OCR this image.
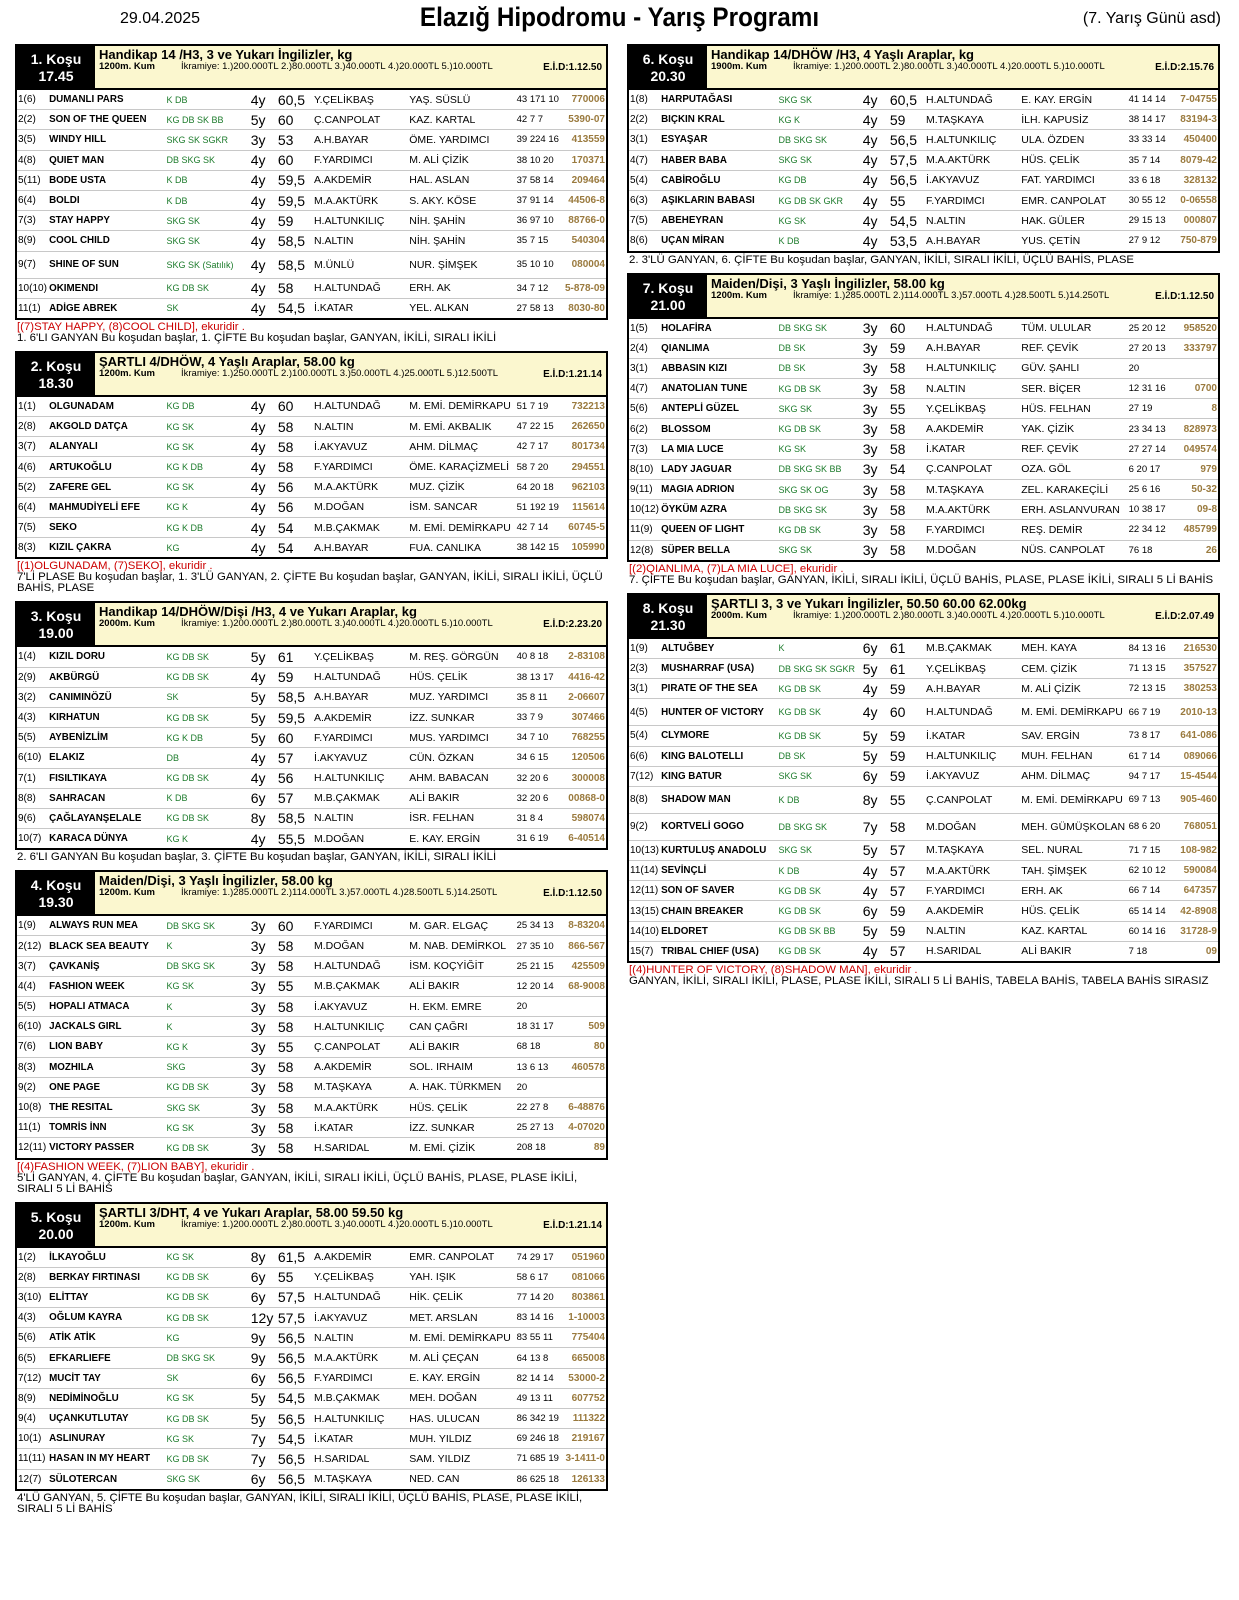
29.04.2025	Elazığ Hipodromu - Yarış Programı	(7. Yarış Günü asd)
1. Koşu
17.45
Handikap 14 /H3, 3 ve Yukarı İngilizler, kg
1200m. Kum	İkramiye: 1.)200.000TL 2.)80.000TL 3.)40.000TL 4.)20.000TL 5.)10.000TL	E.İ.D:1.12.50
1(6)	DUMANLI PARS	K DB	4y	60,5	Y.ÇELİKBAŞ	YAŞ. SÜSLÜ	43 171 10	770006
2(2)	SON OF THE QUEEN	KG DB SK BB	5y	60	Ç.CANPOLAT	KAZ. KARTAL	42 7 7	5390-07
3(5)	WINDY HILL	SKG SK SGKR	3y	53	A.H.BAYAR	ÖME. YARDIMCI	39 224 16	413559
4(8)	QUIET MAN	DB SKG SK	4y	60	F.YARDIMCI	M. ALİ ÇİZİK	38 10 20	170371
5(11)	BODE USTA	K DB	4y	59,5	A.AKDEMİR	HAL. ASLAN	37 58 14	209464
6(4)	BOLDI	K DB	4y	59,5	M.A.AKTÜRK	S. AKY. KÖSE	37 91 14	44506-8
7(3)	STAY HAPPY	SKG SK	4y	59	H.ALTUNKILIÇ	NİH. ŞAHİN	36 97 10	88766-0
8(9)	COOL CHILD	SKG SK	4y	58,5	N.ALTIN	NİH. ŞAHİN	35 7 15	540304
9(7)	SHINE OF SUN	SKG SK (Satılık)	4y	58,5	M.ÜNLÜ	NUR. ŞİMŞEK	35 10 10	080004
10(10)	OKIMENDI	KG DB SK	4y	58	H.ALTUNDAĞ	ERH. AK	34 7 12	5-878-09
11(1)	ADİGE ABREK	SK	4y	54,5	İ.KATAR	YEL. ALKAN	27 58 13	8030-80
[(7)STAY HAPPY, (8)COOL CHILD], ekuridir .
1. 6'LI GANYAN Bu koşudan başlar, 1. ÇİFTE Bu koşudan başlar, GANYAN, İKİLİ, SIRALI İKİLİ
2. Koşu
18.30
ŞARTLI 4/DHÖW, 4 Yaşlı Araplar, 58.00 kg
1200m. Kum	İkramiye: 1.)250.000TL 2.)100.000TL 3.)50.000TL 4.)25.000TL 5.)12.500TL	E.İ.D:1.21.14
1(1)	OLGUNADAM	KG DB	4y	60	H.ALTUNDAĞ	M. EMİ. DEMİRKAPU	51 7 19	732213
2(8)	AKGOLD DATÇA	KG SK	4y	58	N.ALTIN	M. EMİ. AKBALIK	47 22 15	262650
3(7)	ALANYALI	KG SK	4y	58	İ.AKYAVUZ	AHM. DİLMAÇ	42 7 17	801734
4(6)	ARTUKOĞLU	KG K DB	4y	58	F.YARDIMCI	ÖME. KARAÇİZMELİ	58 7 20	294551
5(2)	ZAFERE GEL	KG SK	4y	56	M.A.AKTÜRK	MUZ. ÇİZİK	64 20 18	962103
6(4)	MAHMUDİYELİ EFE	KG K	4y	56	M.DOĞAN	İSM. SANCAR	51 192 19	115614
7(5)	SEKO	KG K DB	4y	54	M.B.ÇAKMAK	M. EMİ. DEMİRKAPU	42 7 14	60745-5
8(3)	KIZIL ÇAKRA	KG	4y	54	A.H.BAYAR	FUA. CANLIKA	38 142 15	105990
[(1)OLGUNADAM, (7)SEKO], ekuridir .
7'Lİ PLASE Bu koşudan başlar, 1. 3'LÜ GANYAN, 2. ÇİFTE Bu koşudan başlar, GANYAN, İKİLİ, SIRALI İKİLİ, ÜÇLÜ BAHİS, PLASE
3. Koşu
19.00
Handikap 14/DHÖW/Dişi /H3, 4 ve Yukarı Araplar, kg
2000m. Kum	İkramiye: 1.)200.000TL 2.)80.000TL 3.)40.000TL 4.)20.000TL 5.)10.000TL	E.İ.D:2.23.20
1(4)	KIZIL DORU	KG DB SK	5y	61	Y.ÇELİKBAŞ	M. REŞ. GÖRGÜN	40 8 18	2-83108
2(9)	AKBÜRGÜ	KG DB SK	4y	59	H.ALTUNDAĞ	HÜS. ÇELİK	38 13 17	4416-42
3(2)	CANIMINÖZÜ	SK	5y	58,5	A.H.BAYAR	MUZ. YARDIMCI	35 8 11	2-06607
4(3)	KIRHATUN	KG DB SK	5y	59,5	A.AKDEMİR	İZZ. SUNKAR	33 7 9	307466
5(5)	AYBENİZLİM	KG K DB	5y	60	F.YARDIMCI	MUS. YARDIMCI	34 7 10	768255
6(10)	ELAKIZ	DB	4y	57	İ.AKYAVUZ	CÜN. ÖZKAN	34 6 15	120506
7(1)	FISILTIKAYA	KG DB SK	4y	56	H.ALTUNKILIÇ	AHM. BABACAN	32 20 6	300008
8(8)	SAHRACAN	K DB	6y	57	M.B.ÇAKMAK	ALİ BAKIR	32 20 6	00868-0
9(6)	ÇAĞLAYANŞELALE	KG DB SK	8y	58,5	N.ALTIN	İSR. FELHAN	31 8 4	598074
10(7)	KARACA DÜNYA	KG K	4y	55,5	M.DOĞAN	E. KAY. ERGİN	31 6 19	6-40514
2. 6'LI GANYAN Bu koşudan başlar, 3. ÇİFTE Bu koşudan başlar, GANYAN, İKİLİ, SIRALI İKİLİ
4. Koşu
19.30
Maiden/Dişi, 3 Yaşlı İngilizler, 58.00 kg
1200m. Kum	İkramiye: 1.)285.000TL 2.)114.000TL 3.)57.000TL 4.)28.500TL 5.)14.250TL	E.İ.D:1.12.50
1(9)	ALWAYS RUN MEA	DB SKG SK	3y	60	F.YARDIMCI	M. GAR. ELGAÇ	25 34 13	8-83204
2(12)	BLACK SEA BEAUTY	K	3y	58	M.DOĞAN	M. NAB. DEMİRKOL	27 35 10	866-567
3(7)	ÇAVKANİŞ	DB SKG SK	3y	58	H.ALTUNDAĞ	İSM. KOÇYİĞİT	25 21 15	425509
4(4)	FASHION WEEK	KG SK	3y	55	M.B.ÇAKMAK	ALİ BAKIR	12 20 14	68-9008
5(5)	HOPALI ATMACA	K	3y	58	İ.AKYAVUZ	H. EKM. EMRE	20	
6(10)	JACKALS GIRL	K	3y	58	H.ALTUNKILIÇ	CAN ÇAĞRI	18 31 17	509
7(6)	LION BABY	KG K	3y	55	Ç.CANPOLAT	ALİ BAKIR	68 18	80
8(3)	MOZHILA	SKG	3y	58	A.AKDEMİR	SOL. IRHAIM	13 6 13	460578
9(2)	ONE PAGE	KG DB SK	3y	58	M.TAŞKAYA	A. HAK. TÜRKMEN	20	
10(8)	THE RESITAL	SKG SK	3y	58	M.A.AKTÜRK	HÜS. ÇELİK	22 27 8	6-48876
11(1)	TOMRİS İNN	KG SK	3y	58	İ.KATAR	İZZ. SUNKAR	25 27 13	4-07020
12(11)	VICTORY PASSER	KG DB SK	3y	58	H.SARIDAL	M. EMİ. ÇİZİK	208 18	89
[(4)FASHION WEEK, (7)LION BABY], ekuridir .
5'Lİ GANYAN, 4. ÇİFTE Bu koşudan başlar, GANYAN, İKİLİ, SIRALI İKİLİ, ÜÇLÜ BAHİS, PLASE, PLASE İKİLİ, SIRALI 5 Lİ BAHİS
5. Koşu
20.00
ŞARTLI 3/DHT, 4 ve Yukarı Araplar, 58.00 59.50 kg
1200m. Kum	İkramiye: 1.)200.000TL 2.)80.000TL 3.)40.000TL 4.)20.000TL 5.)10.000TL	E.İ.D:1.21.14
1(2)	İLKAYOĞLU	KG SK	8y	61,5	A.AKDEMİR	EMR. CANPOLAT	74 29 17	051960
2(8)	BERKAY FIRTINASI	KG DB SK	6y	55	Y.ÇELİKBAŞ	YAH. IŞIK	58 6 17	081066
3(10)	ELİTTAY	KG DB SK	6y	57,5	H.ALTUNDAĞ	HİK. ÇELİK	77 14 20	803861
4(3)	OĞLUM KAYRA	KG DB SK	12y	57,5	İ.AKYAVUZ	MET. ARSLAN	83 14 16	1-10003
5(6)	ATİK ATİK	KG	9y	56,5	N.ALTIN	M. EMİ. DEMİRKAPU	83 55 11	775404
6(5)	EFKARLIEFE	DB SKG SK	9y	56,5	M.A.AKTÜRK	M. ALİ ÇEÇAN	64 13 8	665008
7(12)	MUCİT TAY	SK	6y	56,5	F.YARDIMCI	E. KAY. ERGİN	82 14 14	53000-2
8(9)	NEDİMİNOĞLU	KG SK	5y	54,5	M.B.ÇAKMAK	MEH. DOĞAN	49 13 11	607752
9(4)	UÇANKUTLUTAY	KG DB SK	5y	56,5	H.ALTUNKILIÇ	HAS. ULUCAN	86 342 19	111322
10(1)	ASLINURAY	KG SK	7y	54,5	İ.KATAR	MUH. YILDIZ	69 246 18	219167
11(11)	HASAN IN MY HEART	KG DB SK	7y	56,5	H.SARIDAL	SAM. YILDIZ	71 685 19	3-1411-0
12(7)	SÜLOTERCAN	SKG SK	6y	56,5	M.TAŞKAYA	NED. CAN	86 625 18	126133
4'LÜ GANYAN, 5. ÇİFTE Bu koşudan başlar, GANYAN, İKİLİ, SIRALI İKİLİ, ÜÇLÜ BAHİS, PLASE, PLASE İKİLİ, SIRALI 5 Lİ BAHİS
6. Koşu
20.30
Handikap 14/DHÖW /H3, 4 Yaşlı Araplar, kg
1900m. Kum	İkramiye: 1.)200.000TL 2.)80.000TL 3.)40.000TL 4.)20.000TL 5.)10.000TL	E.İ.D:2.15.76
1(8)	HARPUTAĞASI	SKG SK	4y	60,5	H.ALTUNDAĞ	E. KAY. ERGİN	41 14 14	7-04755
2(2)	BIÇKIN KRAL	KG K	4y	59	M.TAŞKAYA	İLH. KAPUSİZ	38 14 17	83194-3
3(1)	ESYAŞAR	DB SKG SK	4y	56,5	H.ALTUNKILIÇ	ULA. ÖZDEN	33 33 14	450400
4(7)	HABER BABA	SKG SK	4y	57,5	M.A.AKTÜRK	HÜS. ÇELİK	35 7 14	8079-42
5(4)	CABİROĞLU	KG DB	4y	56,5	İ.AKYAVUZ	FAT. YARDIMCI	33 6 18	328132
6(3)	AŞIKLARIN BABASI	KG DB SK GKR	4y	55	F.YARDIMCI	EMR. CANPOLAT	30 55 12	0-06558
7(5)	ABEHEYRAN	KG SK	4y	54,5	N.ALTIN	HAK. GÜLER	29 15 13	000807
8(6)	UÇAN MİRAN	K DB	4y	53,5	A.H.BAYAR	YUS. ÇETİN	27 9 12	750-879
2. 3'LÜ GANYAN, 6. ÇİFTE Bu koşudan başlar, GANYAN, İKİLİ, SIRALI İKİLİ, ÜÇLÜ BAHİS, PLASE
7. Koşu
21.00
Maiden/Dişi, 3 Yaşlı İngilizler, 58.00 kg
1200m. Kum	İkramiye: 1.)285.000TL 2.)114.000TL 3.)57.000TL 4.)28.500TL 5.)14.250TL	E.İ.D:1.12.50
1(5)	HOLAFİRA	DB SKG SK	3y	60	H.ALTUNDAĞ	TÜM. ULULAR	25 20 12	958520
2(4)	QIANLIMA	DB SK	3y	59	A.H.BAYAR	REF. ÇEVİK	27 20 13	333797
3(1)	ABBASIN KIZI	DB SK	3y	58	H.ALTUNKILIÇ	GÜV. ŞAHLI	20	
4(7)	ANATOLIAN TUNE	KG DB SK	3y	58	N.ALTIN	SER. BİÇER	12 31 16	0700
5(6)	ANTEPLİ GÜZEL	SKG SK	3y	55	Y.ÇELİKBAŞ	HÜS. FELHAN	27 19	8
6(2)	BLOSSOM	KG DB SK	3y	58	A.AKDEMİR	YAK. ÇİZİK	23 34 13	828973
7(3)	LA MIA LUCE	KG SK	3y	58	İ.KATAR	REF. ÇEVİK	27 27 14	049574
8(10)	LADY JAGUAR	DB SKG SK BB	3y	54	Ç.CANPOLAT	OZA. GÖL	6 20 17	979
9(11)	MAGIA ADRION	SKG SK OG	3y	58	M.TAŞKAYA	ZEL. KARAKEÇİLİ	25 6 16	50-32
10(12)	ÖYKÜM AZRA	DB SKG SK	3y	58	M.A.AKTÜRK	ERH. ASLANVURAN	10 38 17	09-8
11(9)	QUEEN OF LIGHT	KG DB SK	3y	58	F.YARDIMCI	REŞ. DEMİR	22 34 12	485799
12(8)	SÜPER BELLA	SKG SK	3y	58	M.DOĞAN	NÜS. CANPOLAT	76 18	26
[(2)QIANLIMA, (7)LA MIA LUCE], ekuridir .
7. ÇİFTE Bu koşudan başlar, GANYAN, İKİLİ, SIRALI İKİLİ, ÜÇLÜ BAHİS, PLASE, PLASE İKİLİ, SIRALI 5 Lİ BAHİS
8. Koşu
21.30
ŞARTLI 3, 3 ve Yukarı İngilizler, 50.50 60.00 62.00kg
2000m. Kum	İkramiye: 1.)200.000TL 2.)80.000TL 3.)40.000TL 4.)20.000TL 5.)10.000TL	E.İ.D:2.07.49
1(9)	ALTUĞBEY	K	6y	61	M.B.ÇAKMAK	MEH. KAYA	84 13 16	216530
2(3)	MUSHARRAF (USA)	DB SKG SK SGKR	5y	61	Y.ÇELİKBAŞ	CEM. ÇİZİK	71 13 15	357527
3(1)	PIRATE OF THE SEA	KG DB SK	4y	59	A.H.BAYAR	M. ALİ ÇİZİK	72 13 15	380253
4(5)	HUNTER OF VICTORY	KG DB SK	4y	60	H.ALTUNDAĞ	M. EMİ. DEMİRKAPU	66 7 19	2010-13
5(4)	CLYMORE	KG DB SK	5y	59	İ.KATAR	SAV. ERGİN	73 8 17	641-086
6(6)	KING BALOTELLI	DB SK	5y	59	H.ALTUNKILIÇ	MUH. FELHAN	61 7 14	089066
7(12)	KING BATUR	SKG SK	6y	59	İ.AKYAVUZ	AHM. DİLMAÇ	94 7 17	15-4544
8(8)	SHADOW MAN	K DB	8y	55	Ç.CANPOLAT	M. EMİ. DEMİRKAPU	69 7 13	905-460
9(2)	KORTVELİ GOGO	DB SKG SK	7y	58	M.DOĞAN	MEH. GÜMÜŞKOLAN	68 6 20	768051
10(13)	KURTULUŞ ANADOLU	SKG SK	5y	57	M.TAŞKAYA	SEL. NURAL	71 7 15	108-982
11(14)	SEVİNÇLİ	K DB	4y	57	M.A.AKTÜRK	TAH. ŞİMŞEK	62 10 12	590084
12(11)	SON OF SAVER	KG DB SK	4y	57	F.YARDIMCI	ERH. AK	66 7 14	647357
13(15)	CHAIN BREAKER	KG DB SK	6y	59	A.AKDEMİR	HÜS. ÇELİK	65 14 14	42-8908
14(10)	ELDORET	KG DB SK BB	5y	59	N.ALTIN	KAZ. KARTAL	60 14 16	31728-9
15(7)	TRIBAL CHIEF (USA)	KG DB SK	4y	57	H.SARIDAL	ALİ BAKIR	7 18	09
[(4)HUNTER OF VICTORY, (8)SHADOW MAN], ekuridir .
GANYAN, İKİLİ, SIRALI İKİLİ, PLASE, PLASE İKİLİ, SIRALI 5 Lİ BAHİS, TABELA BAHİS, TABELA BAHİS SIRASIZ
